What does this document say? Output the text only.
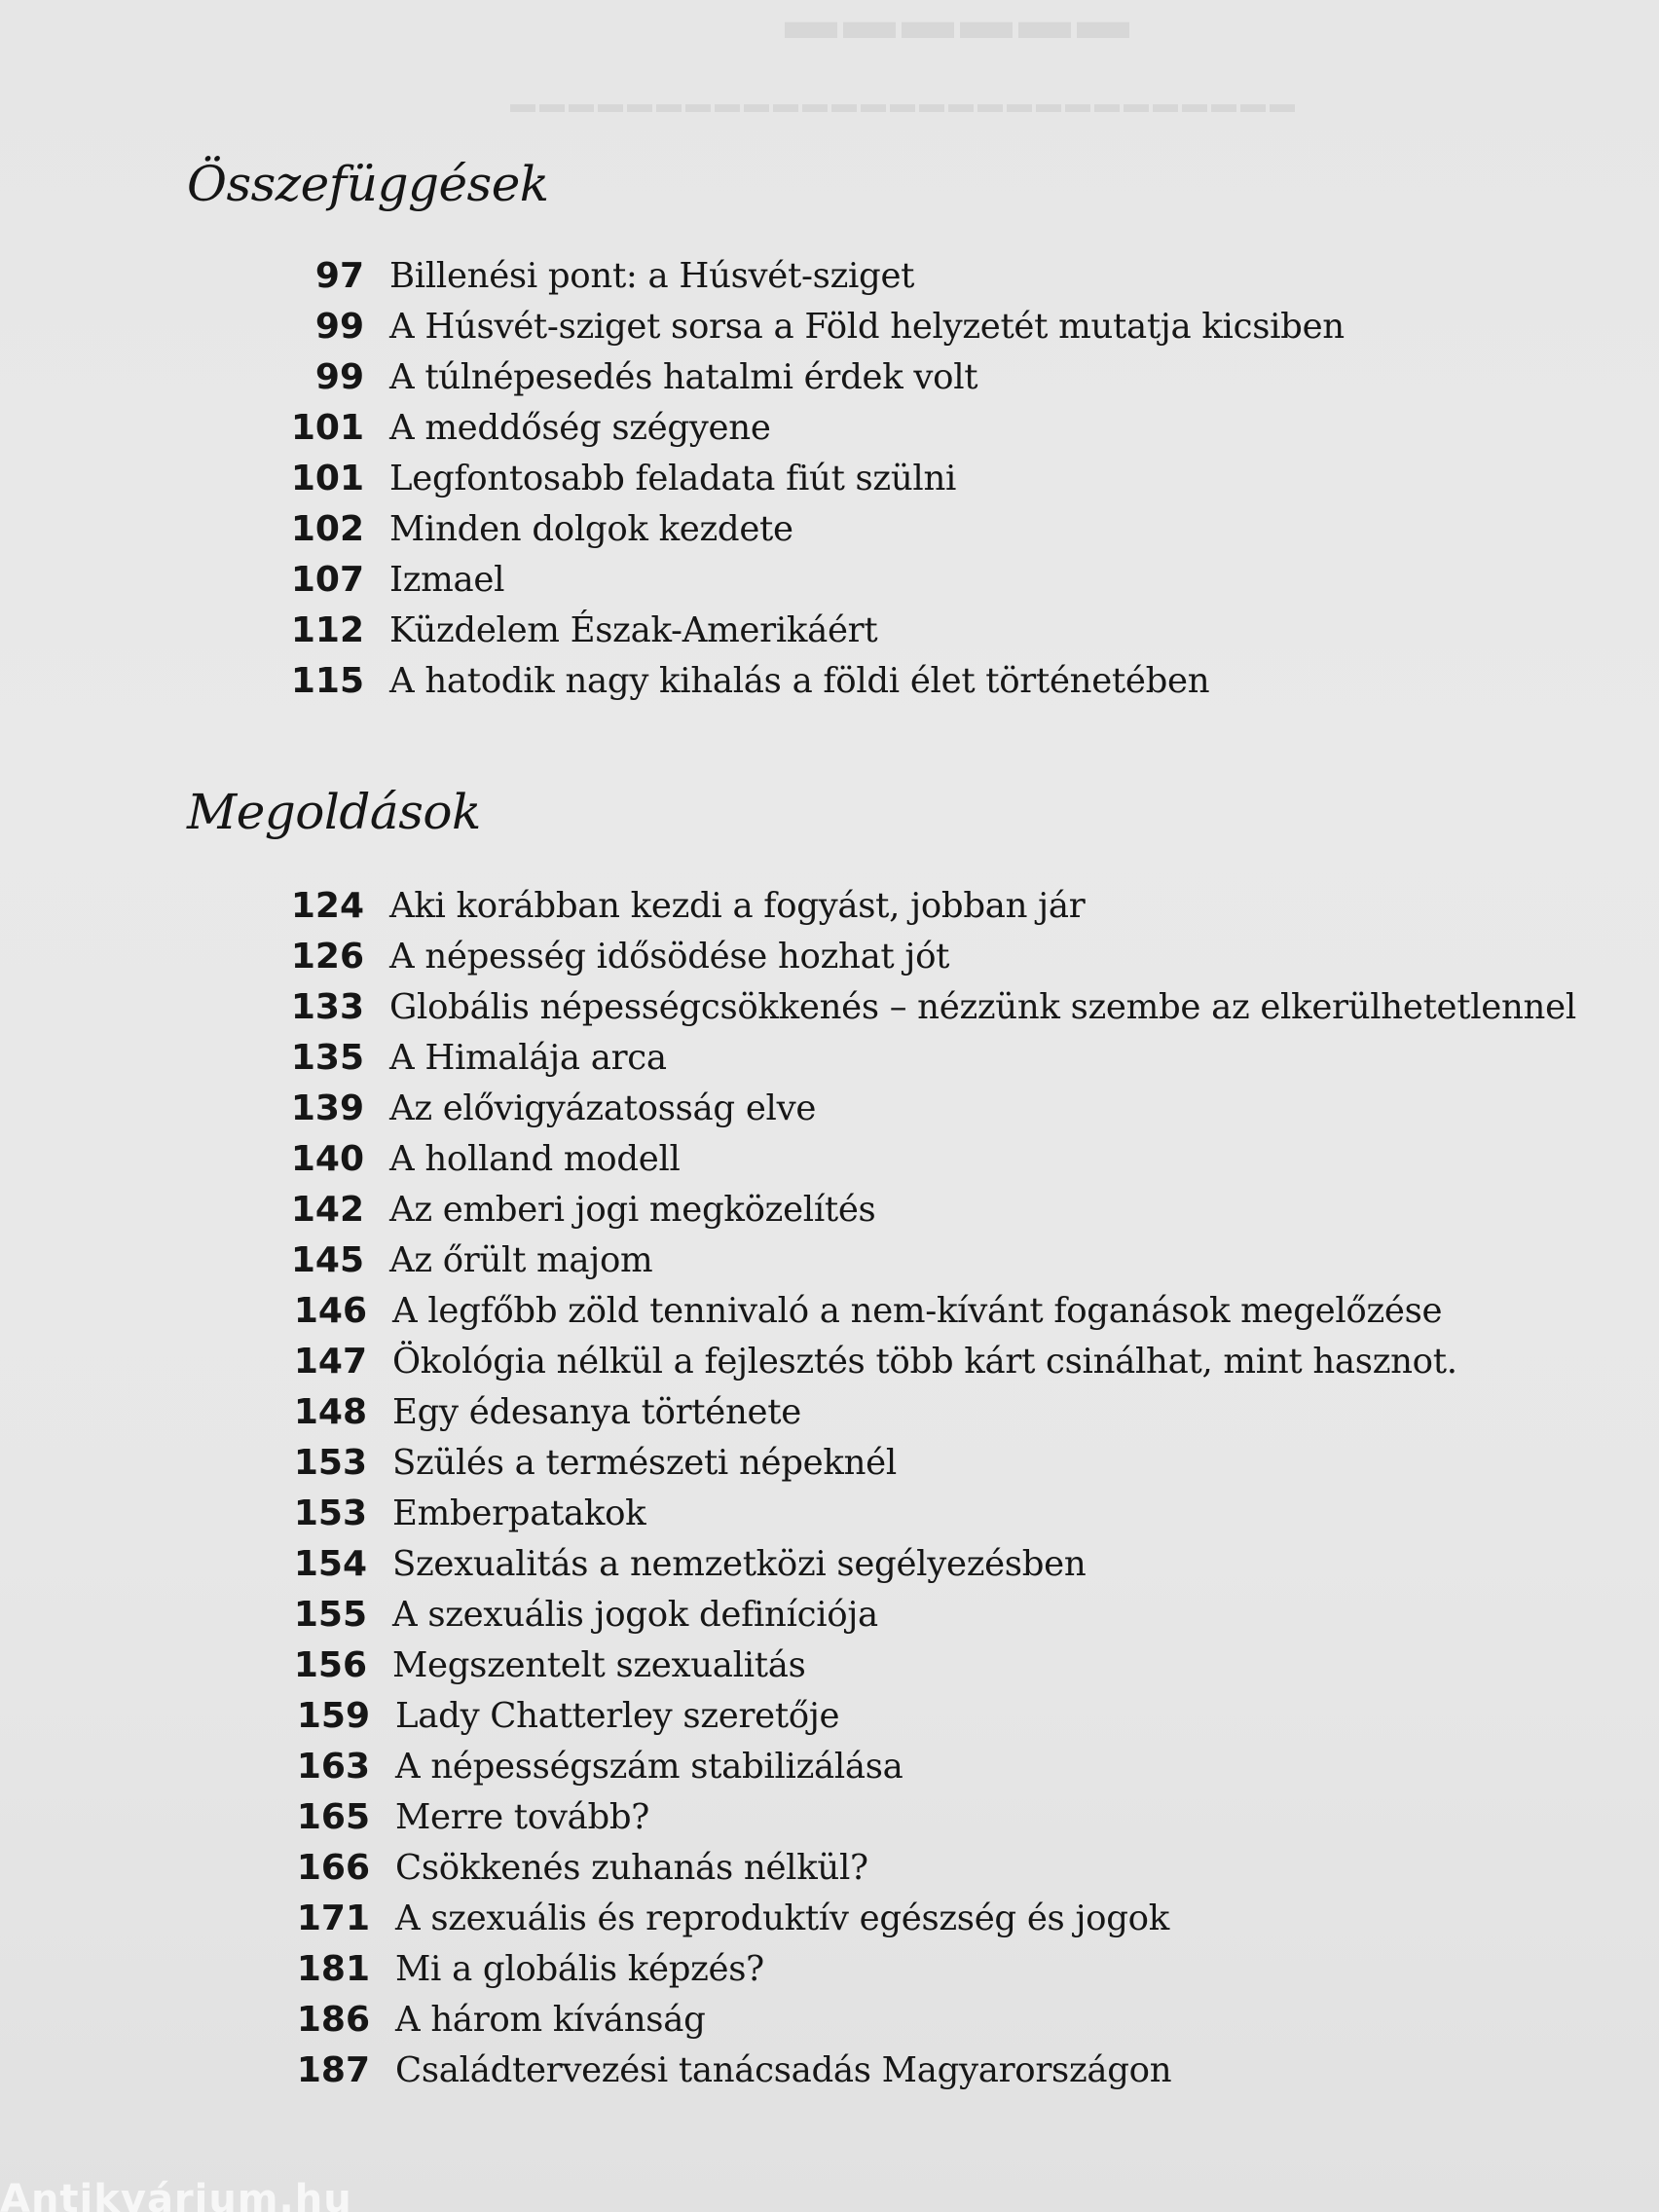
▬▬▬▬▬▬
▬▬▬▬▬▬▬▬▬▬▬▬▬▬▬▬▬▬▬▬▬▬▬▬▬▬▬
Összefüggések
97 Billenési pont: a Húsvét-sziget
99 A Húsvét-sziget sorsa a Föld helyzetét mutatja kicsiben
99 A túlnépesedés hatalmi érdek volt
101 A meddőség szégyene
101 Legfontosabb feladata fiút szülni
102 Minden dolgok kezdete
107 Izmael
112 Küzdelem Észak-Amerikáért
115 A hatodik nagy kihalás a földi élet történetében
Megoldások
124 Aki korábban kezdi a fogyást, jobban jár
126 A népesség idősödése hozhat jót
133 Globális népességcsökkenés – nézzünk szembe az elkerülhetetlennel
135 A Himalája arca
139 Az elővigyázatosság elve
140 A holland modell
142 Az emberi jogi megközelítés
145 Az őrült majom
146 A legfőbb zöld tennivaló a nem-kívánt foganások megelőzése
147 Ökológia nélkül a fejlesztés több kárt csinálhat, mint hasznot.
148 Egy édesanya története
153 Szülés a természeti népeknél
153 Emberpatakok
154 Szexualitás a nemzetközi segélyezésben
155 A szexuális jogok definíciója
156 Megszentelt szexualitás
159 Lady Chatterley szeretője
163 A népességszám stabilizálása
165 Merre tovább?
166 Csökkenés zuhanás nélkül?
171 A szexuális és reproduktív egészség és jogok
181 Mi a globális képzés?
186 A három kívánság
187 Családtervezési tanácsadás Magyarországon
Antikvárium.hu
